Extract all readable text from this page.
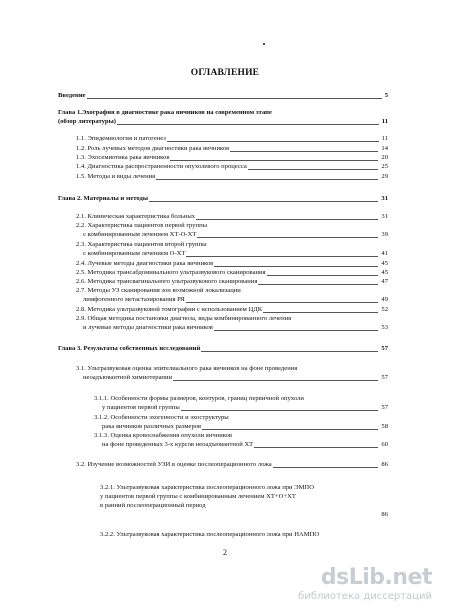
ОГЛАВЛЕНИЕ
Введение	5
Глава 1.Эхография в диагностике рака яичников на современном этапе
(обзор литературы)	11
1.1. Эпидемиология и патогенез	11
1.2. Роль лучевых методов диагностики рака яичников	14
1.3. Эхосемиотика рака яичников	20
1.4. Диагностика распространенности опухолевого процесса	25
1.5. Методы и виды лечения	29
Глава 2. Материалы и методы	31
2.1. Клиническая характеристика больных	31
2.2. Характеристика пациентов первой группы
с комбинированным лечением ХТ-О-ХТ	39
2.3. Характеристика пациентов второй группы
с комбинированным лечением О-ХТ	41
2.4. Лучевые методы диагностики рака яичников	45
2.5. Методика трансабдоминального ультразвукового сканирования	45
2.6. Методика трансвагинального ультразвукового сканирования	47
2.7. Методы УЗ сканирования зон возможной локализации
лимфогенного метастазирования РЯ	49
2.8. Методика ультразвуковой томографии с использованием ЦДК	52
2.9. Общая методика постановки диагноза, виды комбинированного лечения
и лучевые методы диагностики рака яичников	53
Глава 3. Результаты собственных исследований	57
3.1. Ультразвуковая оценка эпителиального рака яичников на фоне проведения
неоадъювантной химиотерапии	57
3.1.1. Особенности формы размеров, контуров, границ первичной опухоли
у пациентов первой группы	57
3.1.2. Особенности эхогенности и эхоструктуры
рака яичников различных размеров	58
3.1.3. Оценка кровоснабжения опухоли яичников
на фоне проведенных 3-х курсов неоадъювантной ХТ	60
3.2. Изучение возможностей УЗИ в оценке послеоперационного ложа	86
3.2.1. Ультразвуковая характеристика послеоперационного ложа при ЭМПО
у пациентов первой группы с комбинированным лечением ХТ+О+ХТ
в ранний послеоперационный период
86
3.2.2. Ультразвуковая характеристика послеоперационного ложа при НАМПО
2
dsLib.net
библиотека диссертаций
